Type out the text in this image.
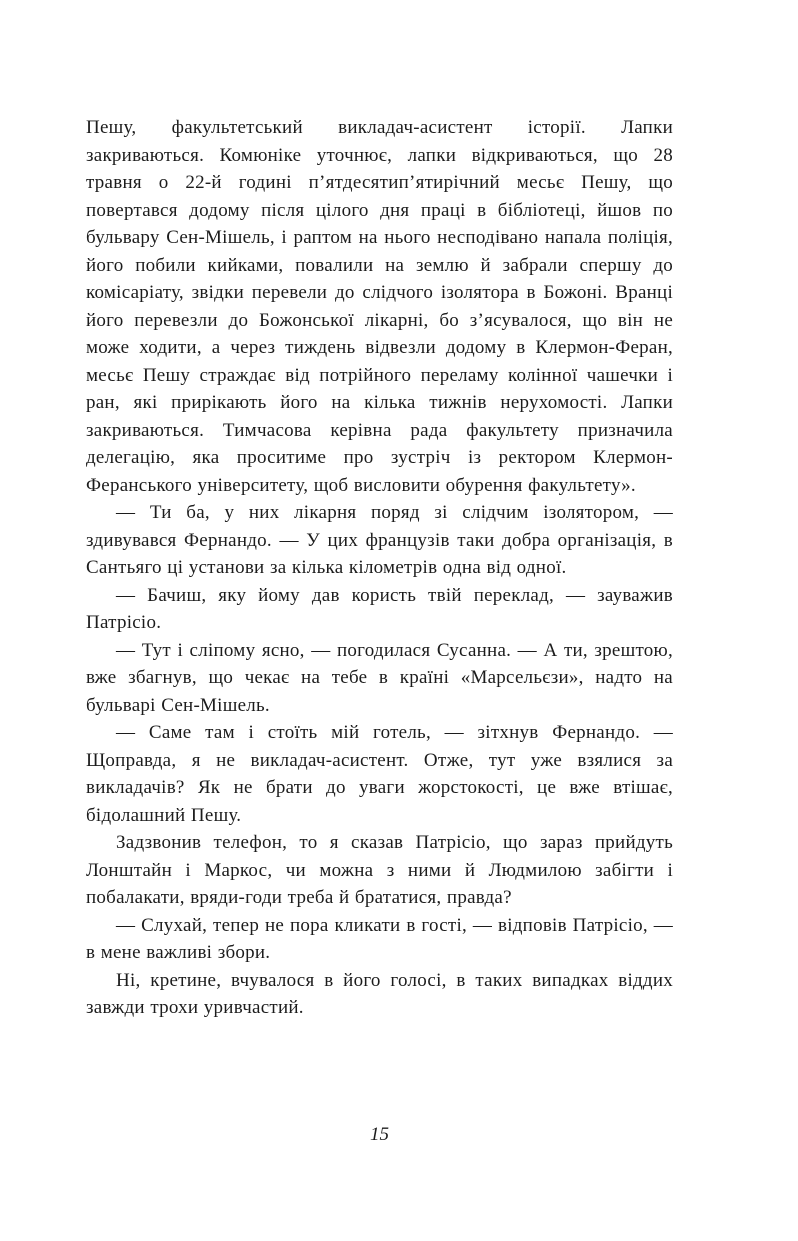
Пешу, факультетський викладач-асистент історії. Лапки закриваються. Комюніке уточнює, лапки відкриваються, що 28 травня о 22-й годині п’ятдесятип’ятирічний месьє Пешу, що повертався додому після цілого дня праці в бібліотеці, йшов по бульвару Сен-Мішель, і раптом на нього несподівано напала поліція, його побили кийками, повалили на землю й забрали спершу до комісаріату, звідки перевели до слідчого ізолятора в Божоні. Вранці його перевезли до Божонської лікарні, бо з’ясувалося, що він не може ходити, а через тиждень відвезли додому в Клермон-Феран, месьє Пешу страждає від потрійного переламу колінної чашечки і ран, які прирікають його на кілька тижнів нерухомості. Лапки закриваються. Тимчасова керівна рада факультету призначила делегацію, яка проситиме про зустріч із ректором Клермон-Феранського університету, щоб висловити обурення факультету».

— Ти ба, у них лікарня поряд зі слідчим ізолятором, — здивувався Фернандо. — У цих французів таки добра організація, в Сантьяго ці установи за кілька кілометрів одна від одної.

— Бачиш, яку йому дав користь твій переклад, — зауважив Патрісіо.

— Тут і сліпому ясно, — погодилася Сусанна. — А ти, зрештою, вже збагнув, що чекає на тебе в країні «Марсельєзи», надто на бульварі Сен-Мішель.

— Саме там і стоїть мій готель, — зітхнув Фернандо. — Щоправда, я не викладач-асистент. Отже, тут уже взялися за викладачів? Як не брати до уваги жорстокості, це вже втішає, бідолашний Пешу.

Задзвонив телефон, то я сказав Патрісіо, що зараз прийдуть Лонштайн і Маркос, чи можна з ними й Людмилою забігти і побалакати, вряди-годи треба й брататися, правда?

— Слухай, тепер не пора кликати в гості, — відповів Патрісіо, — в мене важливі збори.

Ні, кретине, вчувалося в його голосі, в таких випадках віддих завжди трохи уривчастий.

15
